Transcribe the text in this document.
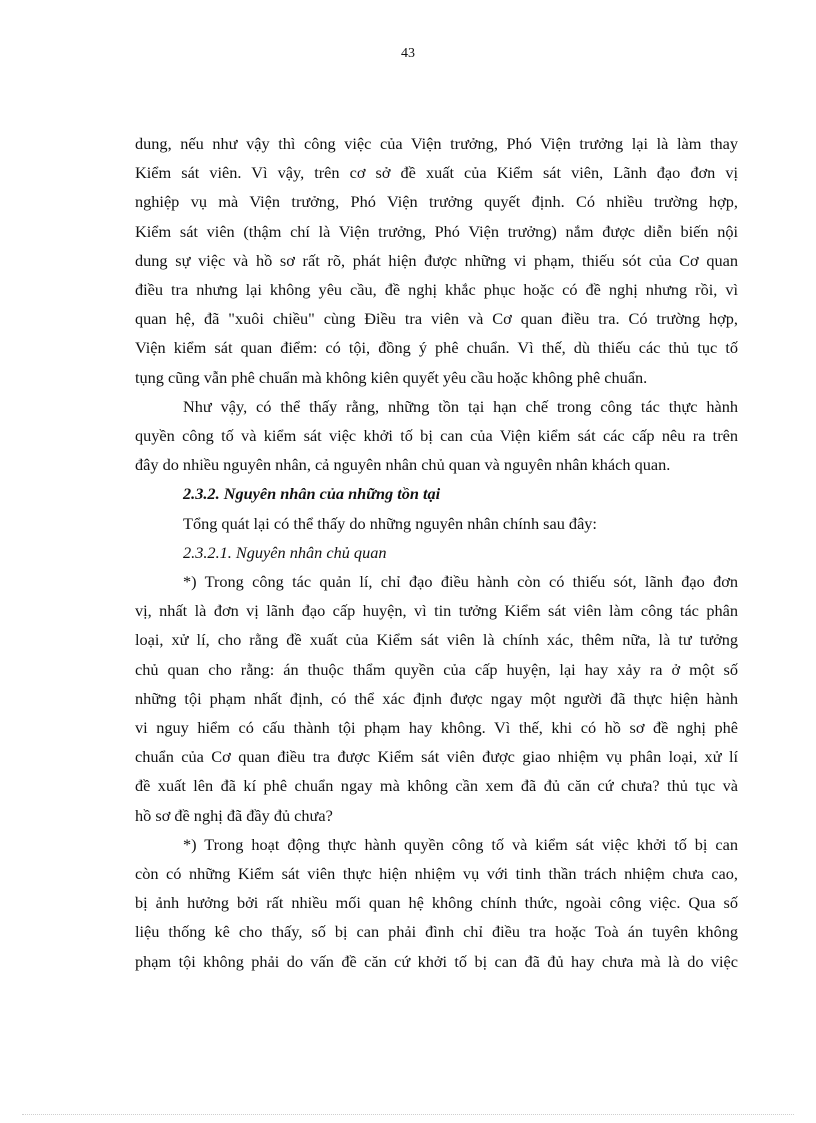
43

dung, nếu như vậy thì công việc của Viện trưởng, Phó Viện trưởng lại là làm thay

Kiểm sát viên. Vì vậy, trên cơ sở đề xuất của Kiểm sát viên, Lãnh đạo đơn vị

nghiệp vụ mà Viện trưởng, Phó Viện trưởng quyết định. Có nhiều trường hợp,

Kiểm sát viên (thậm chí là Viện trưởng, Phó Viện trưởng) nắm được diễn biến nội

dung sự việc và hồ sơ rất rõ, phát hiện được những vi phạm, thiếu sót của Cơ quan

điều tra nhưng lại không yêu cầu, đề nghị khắc phục hoặc có đề nghị nhưng rồi, vì

quan hệ, đã "xuôi chiều" cùng Điều tra viên và Cơ quan điều tra. Có trường hợp,

Viện kiểm sát quan điểm: có tội, đồng ý phê chuẩn. Vì thế, dù thiếu các thủ tục tố

tụng cũng vẫn phê chuẩn mà không kiên quyết yêu cầu hoặc không phê chuẩn.

Như vậy, có thể thấy rằng, những tồn tại hạn chế trong công tác thực hành

quyền công tố và kiểm sát việc khởi tố bị can của Viện kiểm sát các cấp nêu ra trên

đây do nhiều nguyên nhân, cả nguyên nhân chủ quan và nguyên nhân khách quan.

2.3.2. Nguyên nhân của những tồn tại

Tổng quát lại có thể thấy do những nguyên nhân chính sau đây:

2.3.2.1. Nguyên nhân chủ quan

*) Trong công tác quản lí, chỉ đạo điều hành còn có thiếu sót, lãnh đạo đơn

vị, nhất là đơn vị lãnh đạo cấp huyện, vì tin tưởng Kiểm sát viên làm công tác phân

loại, xử lí, cho rằng đề xuất của Kiểm sát viên là chính xác, thêm nữa, là tư tưởng

chủ quan cho rằng: án thuộc thẩm quyền của cấp huyện, lại hay xảy ra ở một số

những tội phạm nhất định, có thể xác định được ngay một người đã thực hiện hành

vi nguy hiểm có cấu thành tội phạm hay không. Vì thế, khi có hồ sơ đề nghị phê

chuẩn của Cơ quan điều tra được Kiểm sát viên được giao nhiệm vụ phân loại, xử lí

đề xuất lên đã kí phê chuẩn ngay mà không cần xem đã đủ căn cứ chưa? thủ tục và

hồ sơ đề nghị đã đầy đủ chưa?

*) Trong hoạt động thực hành quyền công tố và kiểm sát việc khởi tố bị can

còn có những Kiểm sát viên thực hiện nhiệm vụ với tinh thần trách nhiệm chưa cao,

bị ảnh hưởng bởi rất nhiều mối quan hệ không chính thức, ngoài công việc. Qua số

liệu thống kê cho thấy, số bị can phải đình chỉ điều tra hoặc Toà án tuyên không

phạm tội không phải do vấn đề căn cứ khởi tố bị can đã đủ hay chưa mà là do việc
